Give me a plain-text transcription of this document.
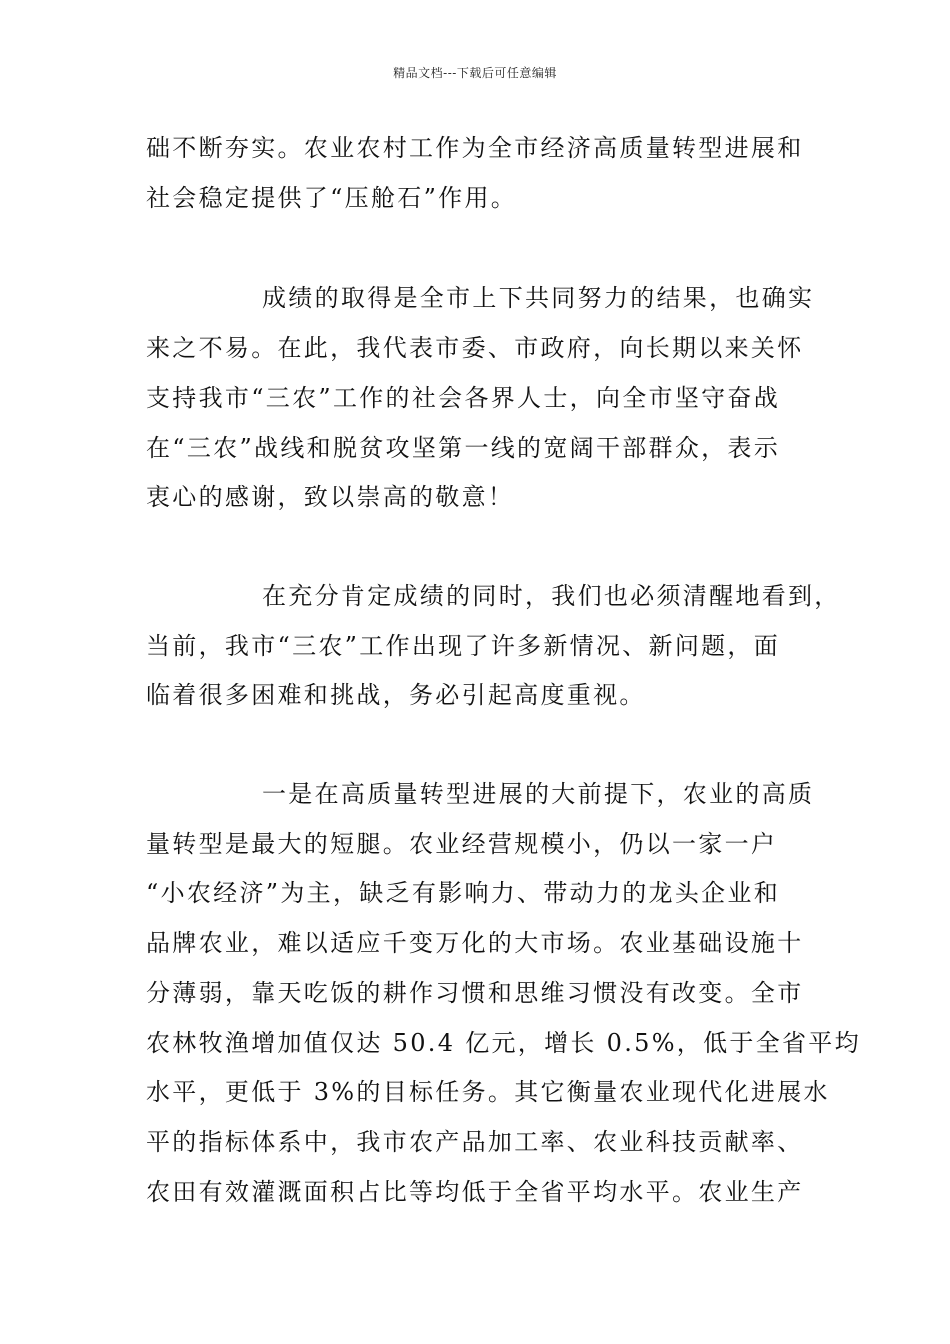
精品文档---下载后可任意编辑
础不断夯实。农业农村工作为全市经济高质量转型进展和
社会稳定提供了“压舱石”作用。
成绩的取得是全市上下共同努力的结果，也确实
来之不易。在此，我代表市委、市政府，向长期以来关怀
支持我市“三农”工作的社会各界人士，向全市坚守奋战
在“三农”战线和脱贫攻坚第一线的宽阔干部群众，表示
衷心的感谢，致以崇高的敬意！
在充分肯定成绩的同时，我们也必须清醒地看到，
当前，我市“三农”工作出现了许多新情况、新问题，面
临着很多困难和挑战，务必引起高度重视。
一是在高质量转型进展的大前提下，农业的高质
量转型是最大的短腿。农业经营规模小，仍以一家一户
“小农经济”为主，缺乏有影响力、带动力的龙头企业和
品牌农业，难以适应千变万化的大市场。农业基础设施十
分薄弱，靠天吃饭的耕作习惯和思维习惯没有改变。全市
农林牧渔增加值仅达 50.4 亿元，增长 0.5%，低于全省平均
水平，更低于 3%的目标任务。其它衡量农业现代化进展水
平的指标体系中，我市农产品加工率、农业科技贡献率、
农田有效灌溉面积占比等均低于全省平均水平。农业生产
